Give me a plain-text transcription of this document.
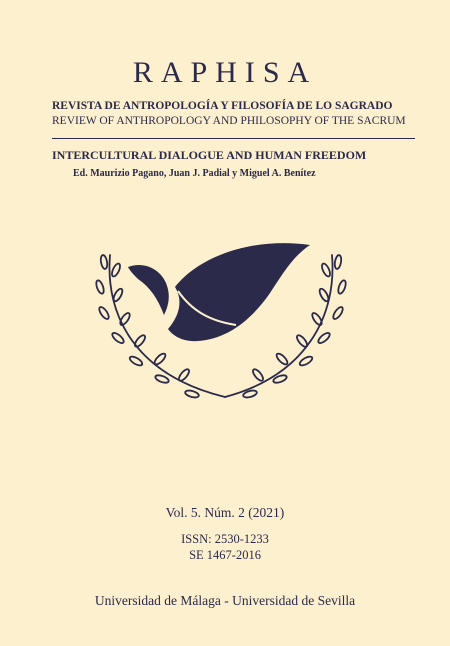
RAPHISA
REVISTA DE ANTROPOLOGÍA Y FILOSOFÍA DE LO SAGRADO
REVIEW OF ANTHROPOLOGY AND PHILOSOPHY OF THE SACRUM
INTERCULTURAL DIALOGUE AND HUMAN FREEDOM
Ed. Maurizio Pagano, Juan J. Padial y Miguel A. Benítez
Vol. 5. Núm. 2 (2021)
ISSN: 2530-1233
SE 1467-2016
Universidad de Málaga - Universidad de Sevilla
